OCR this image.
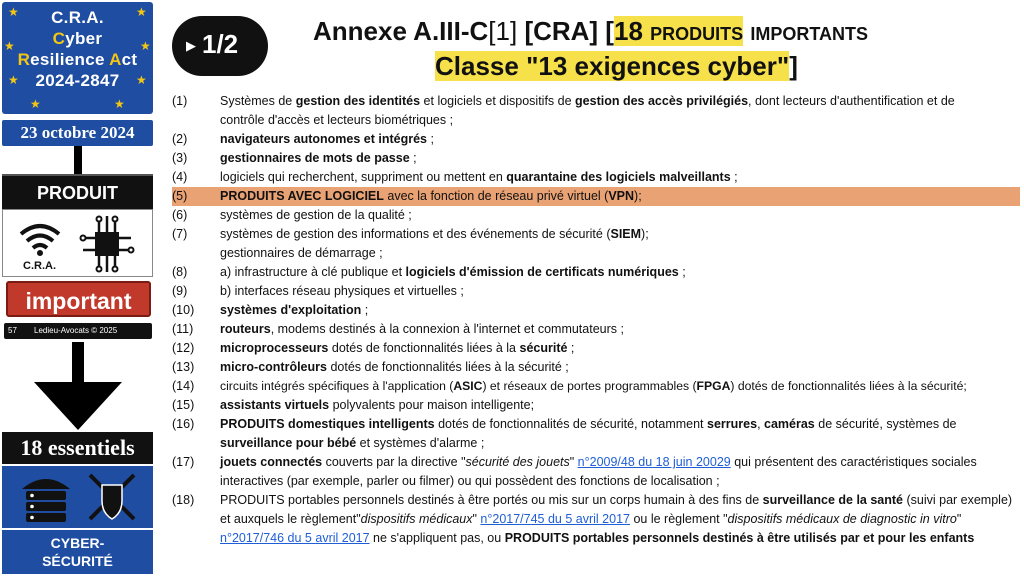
★	★
★	★
★	★
★	★
C.R.A.
Cyber
Resilience Act
2024-2847
23 octobre 2024
PRODUIT
C.R.A.
important
57 Ledieu-Avocats © 2025
18 essentiels
CYBER-
SÉCURITÉ
▶ 1/2	Annexe A.III-C[1] [CRA] [18 produits importants
Classe "13 exigences cyber"]
(1)	Systèmes de gestion des identités et logiciels et dispositifs de gestion des accès privilégiés, dont lecteurs d'authentification et de
contrôle d'accès et lecteurs biométriques ;
(2)	navigateurs autonomes et intégrés ;
(3)	gestionnaires de mots de passe ;
(4)	logiciels qui recherchent, suppriment ou mettent en quarantaine des logiciels malveillants ;
(5)	PRODUITS AVEC LOGICIEL avec la fonction de réseau privé virtuel (VPN);
(6)	systèmes de gestion de la qualité ;
(7)	systèmes de gestion des informations et des événements de sécurité (SIEM);
gestionnaires de démarrage ;
(8)	a) infrastructure à clé publique et logiciels d'émission de certificats numériques ;
(9)	b) interfaces réseau physiques et virtuelles ;
(10)	systèmes d'exploitation ;
(11)	routeurs, modems destinés à la connexion à l'internet et commutateurs ;
(12)	microprocesseurs dotés de fonctionnalités liées à la sécurité ;
(13)	micro-contrôleurs dotés de fonctionnalités liées à la sécurité ;
(14)	circuits intégrés spécifiques à l'application (ASIC) et réseaux de portes programmables (FPGA) dotés de fonctionnalités liées à la sécurité;
(15)	assistants virtuels polyvalents pour maison intelligente;
(16)	PRODUITS domestiques intelligents dotés de fonctionnalités de sécurité, notamment serrures, caméras de sécurité, systèmes de
surveillance pour bébé et systèmes d'alarme ;
(17)	jouets connectés couverts par la directive "sécurité des jouets" n°2009/48 du 18 juin 20029 qui présentent des caractéristiques sociales
interactives (par exemple, parler ou filmer) ou qui possèdent des fonctions de localisation ;
(18)	PRODUITS portables personnels destinés à être portés ou mis sur un corps humain à des fins de surveillance de la santé (suivi par exemple) et auxquels le règlement"dispositifs médicaux" n°2017/745 du 5 avril 2017 ou le règlement "dispositifs médicaux de diagnostic in vitro" n°2017/746 du 5 avril 2017 ne s'appliquent pas, ou PRODUITS portables personnels destinés à être utilisés par et pour les enfants
